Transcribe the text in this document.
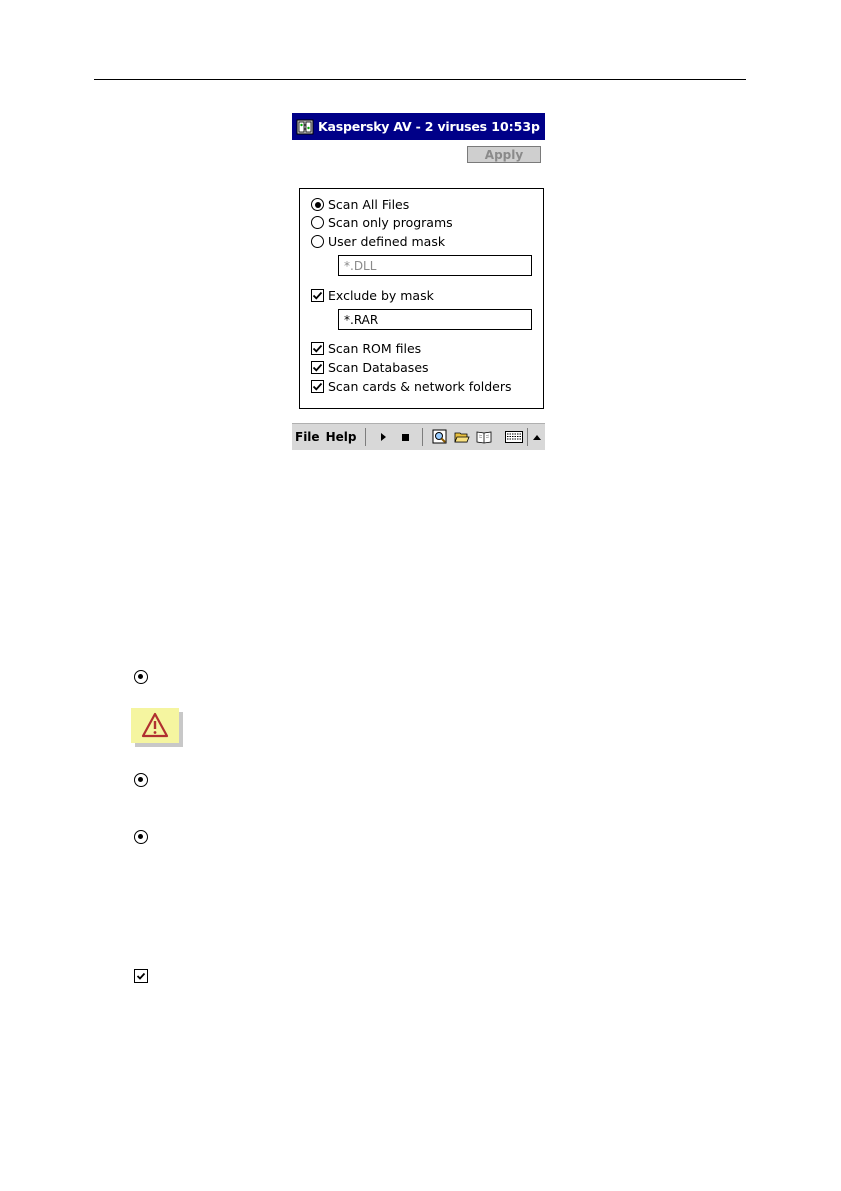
Kaspersky AV - 2 viruses 10:53p
Apply
Scan All Files
Scan only programs
User defined mask
*.DLL
Exclude by mask
*.RAR
Scan ROM files
Scan Databases
Scan cards & network folders
File Help
